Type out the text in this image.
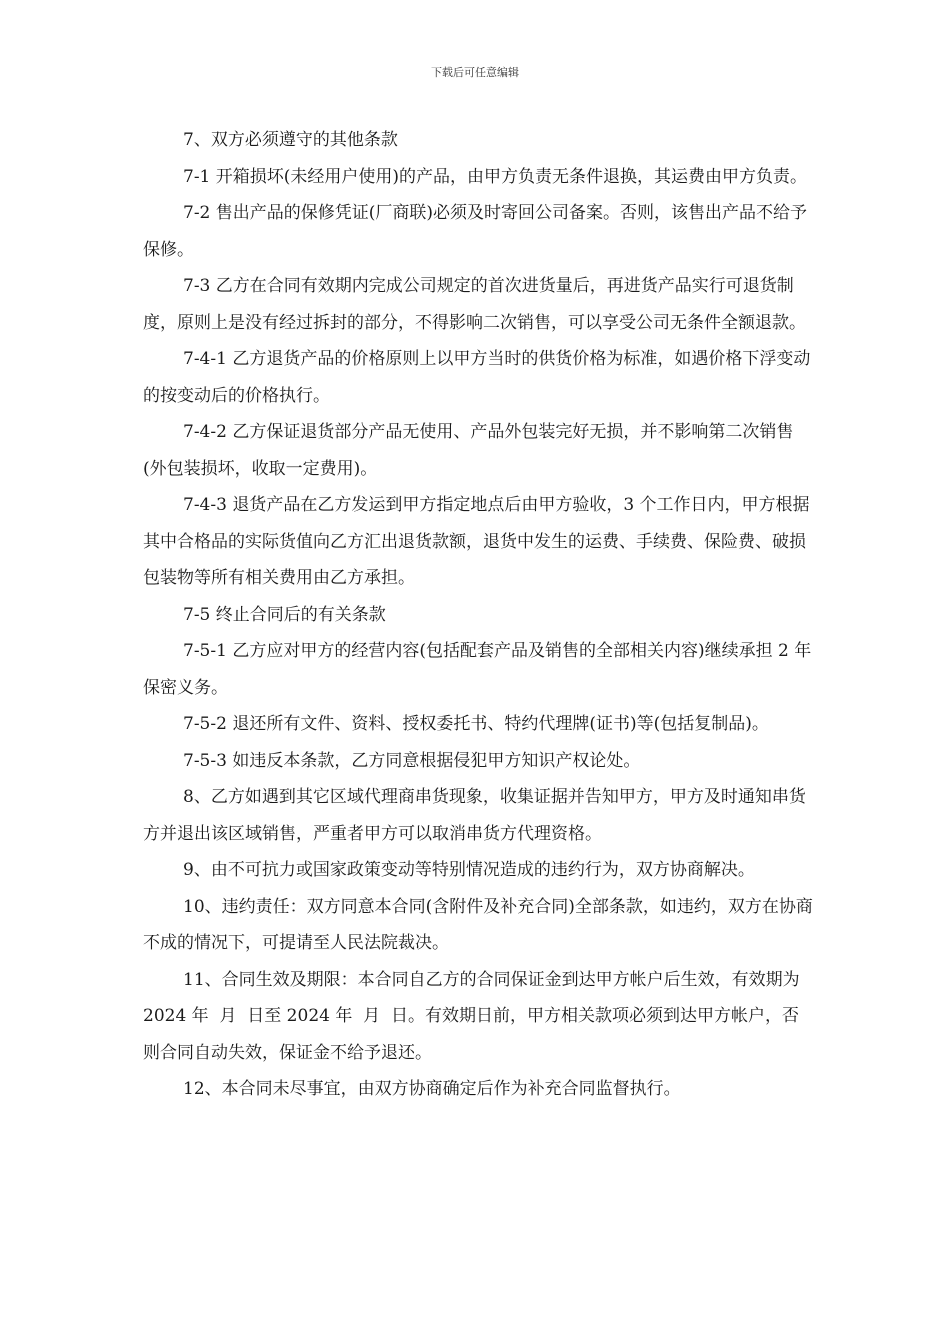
下载后可任意编辑

7、双方必须遵守的其他条款

7-1 开箱损坏(未经用户使用)的产品，由甲方负责无条件退换，其运费由甲方负责。

7-2 售出产品的保修凭证(厂商联)必须及时寄回公司备案。否则，该售出产品不给予保修。

7-3 乙方在合同有效期内完成公司规定的首次进货量后，再进货产品实行可退货制度，原则上是没有经过拆封的部分，不得影响二次销售，可以享受公司无条件全额退款。

7-4-1 乙方退货产品的价格原则上以甲方当时的供货价格为标准，如遇价格下浮变动的按变动后的价格执行。

7-4-2 乙方保证退货部分产品无使用、产品外包装完好无损，并不影响第二次销售(外包装损坏，收取一定费用)。

7-4-3 退货产品在乙方发运到甲方指定地点后由甲方验收，3 个工作日内，甲方根据其中合格品的实际货值向乙方汇出退货款额，退货中发生的运费、手续费、保险费、破损包装物等所有相关费用由乙方承担。

7-5 终止合同后的有关条款

7-5-1 乙方应对甲方的经营内容(包括配套产品及销售的全部相关内容)继续承担 2 年保密义务。

7-5-2 退还所有文件、资料、授权委托书、特约代理牌(证书)等(包括复制品)。

7-5-3 如违反本条款，乙方同意根据侵犯甲方知识产权论处。

8、乙方如遇到其它区域代理商串货现象，收集证据并告知甲方，甲方及时通知串货方并退出该区域销售，严重者甲方可以取消串货方代理资格。

9、由不可抗力或国家政策变动等特别情况造成的违约行为，双方协商解决。

10、违约责任：双方同意本合同(含附件及补充合同)全部条款，如违约，双方在协商不成的情况下，可提请至人民法院裁决。

11、合同生效及期限：本合同自乙方的合同保证金到达甲方帐户后生效，有效期为 2024 年  月  日至 2024 年  月  日。有效期日前，甲方相关款项必须到达甲方帐户，否则合同自动失效，保证金不给予退还。

12、本合同未尽事宜，由双方协商确定后作为补充合同监督执行。
